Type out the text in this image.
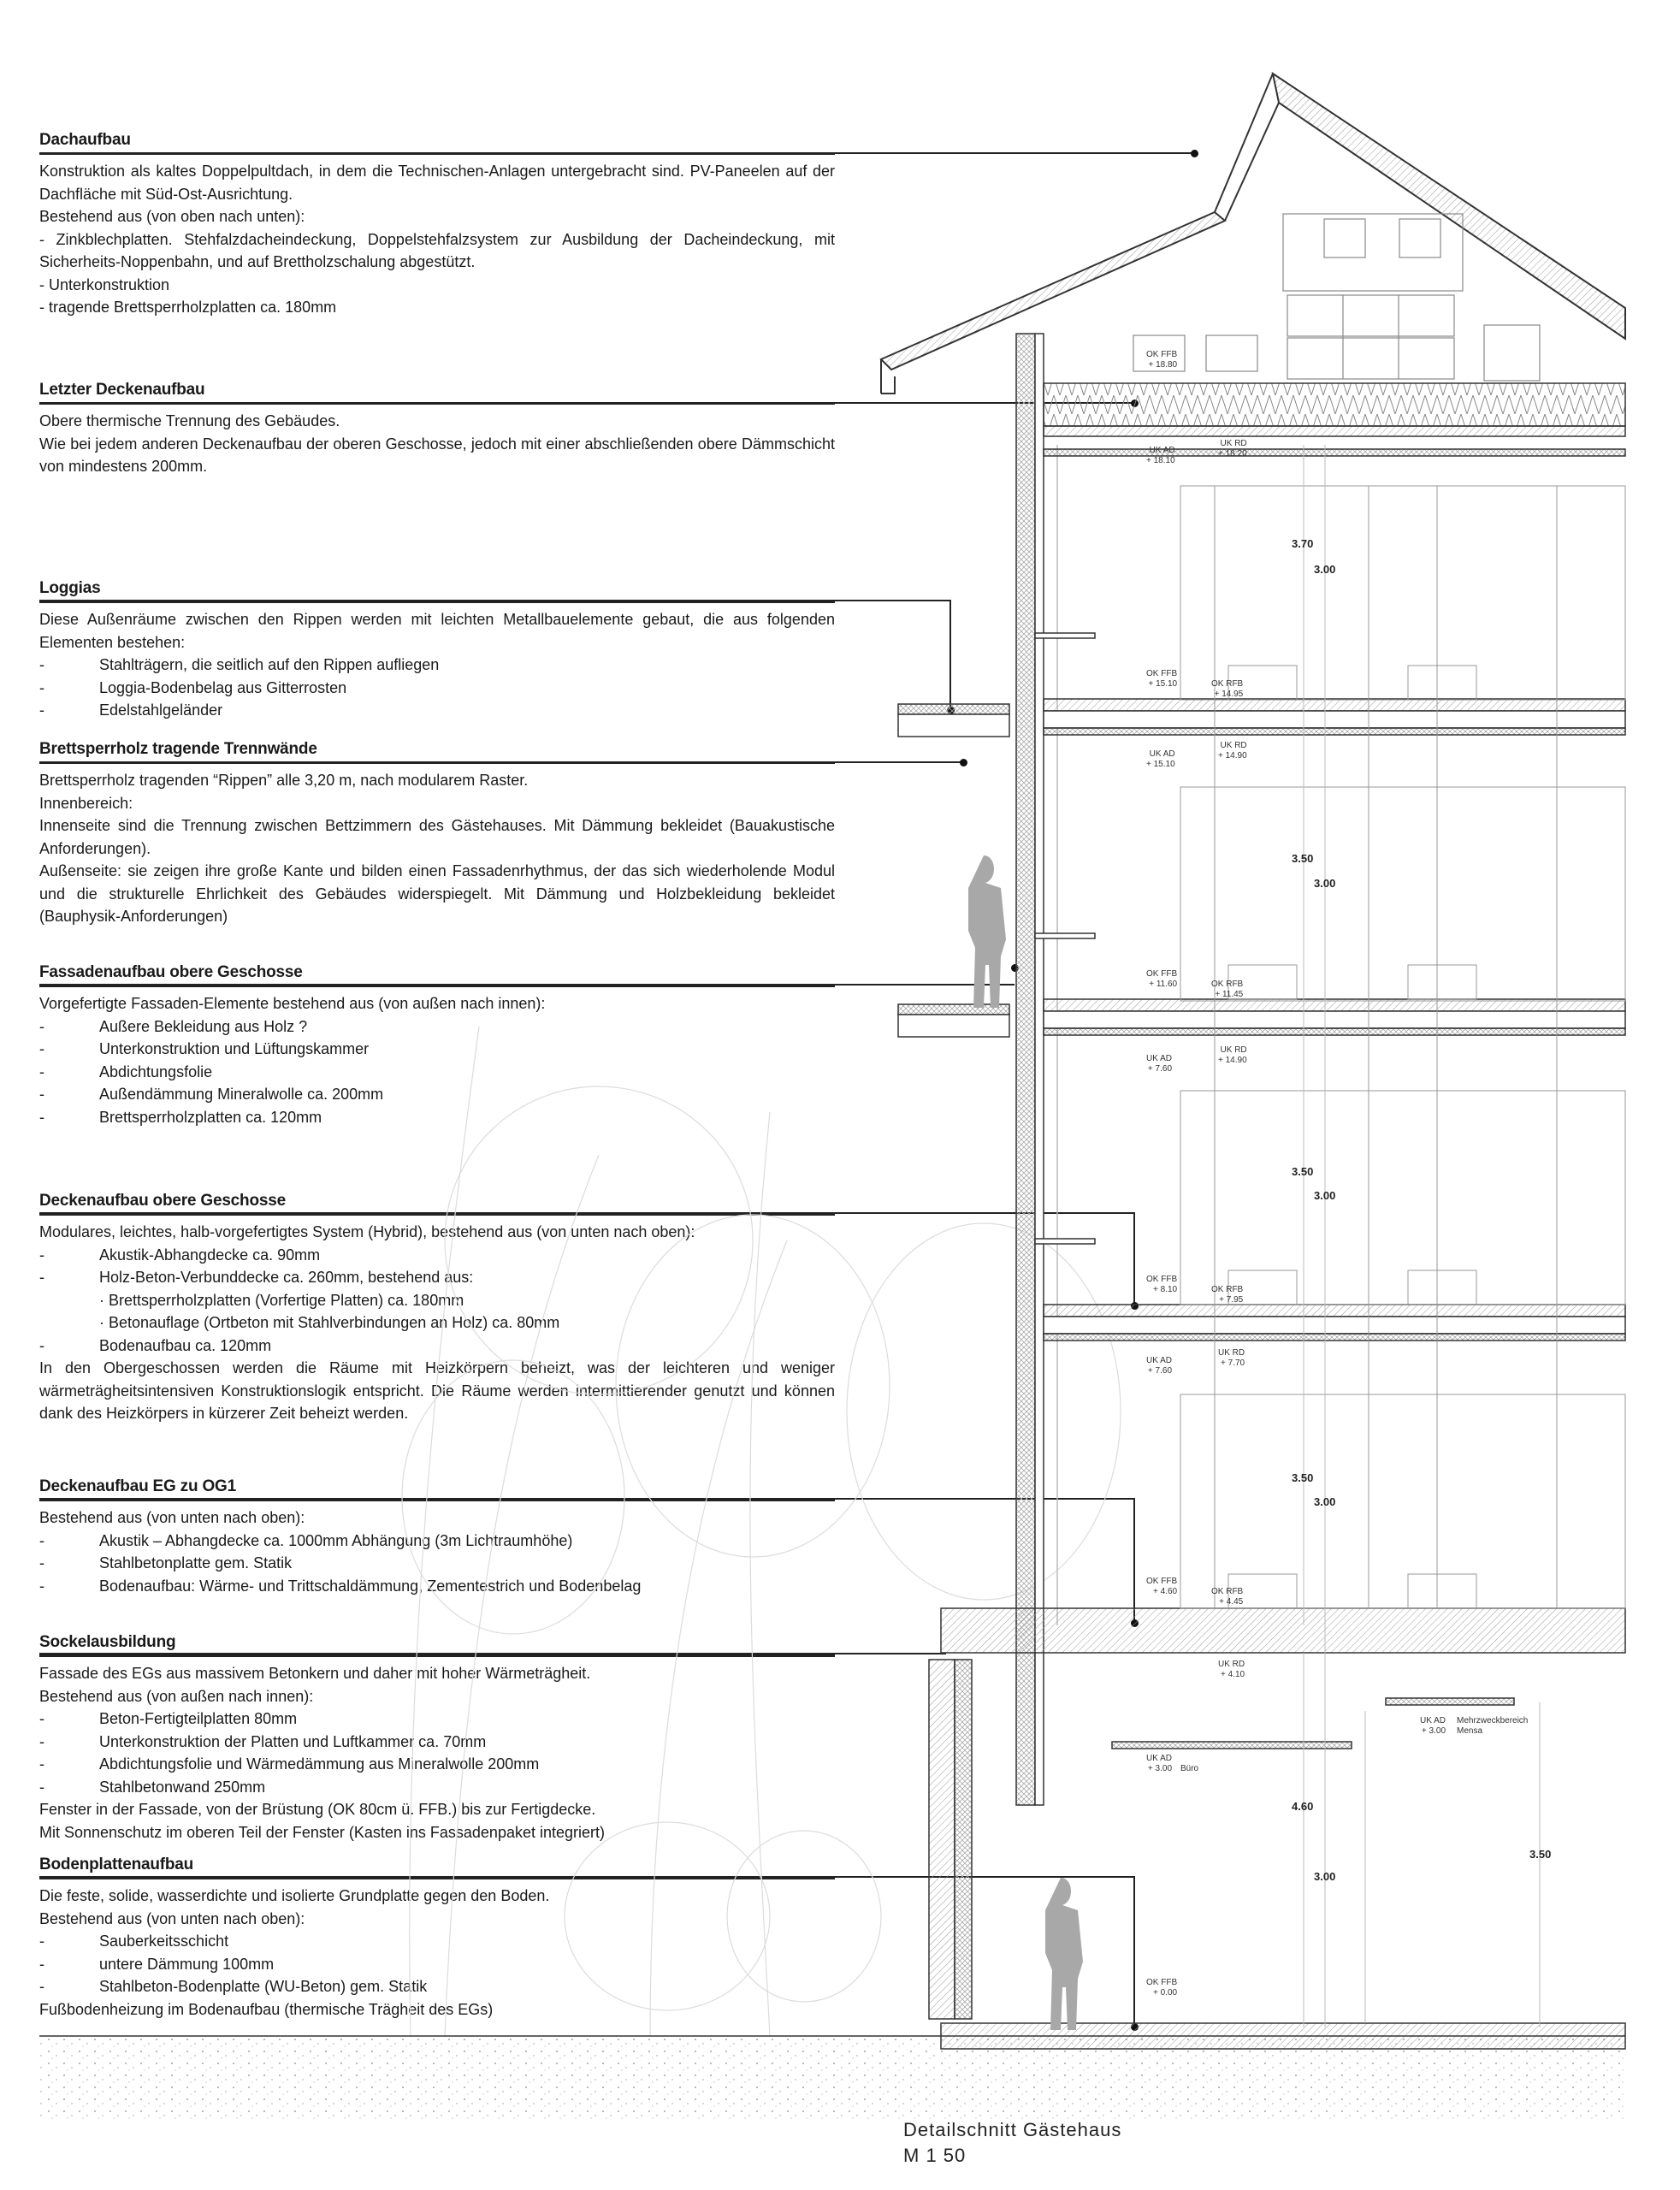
Dachaufbau

Konstruktion als kaltes Doppelpultdach, in dem die Technischen-Anlagen untergebracht sind. PV-Paneelen auf der Dachfläche mit Süd-Ost-Ausrichtung.

Bestehend aus (von oben nach unten):

- Zinkblechplatten. Stehfalzdacheindeckung, Doppelstehfalzsystem zur Ausbildung der Dacheindeckung, mit Sicherheits-Noppenbahn, und auf Brettholzschalung abgestützt.

- Unterkonstruktion

- tragende Brettsperrholzplatten ca. 180mm

Letzter Deckenaufbau

Obere thermische Trennung des Gebäudes.

Wie bei jedem anderen Deckenaufbau der oberen Geschosse, jedoch mit einer abschließenden obere Dämmschicht von mindestens 200mm.

Loggias

Diese Außenräume zwischen den Rippen werden mit leichten Metallbauelemente gebaut, die aus folgenden Elementen bestehen:

-	Stahlträgern, die seitlich auf den Rippen aufliegen
-	Loggia-Bodenbelag aus Gitterrosten
-	Edelstahlgeländer
Brettsperrholz tragende Trennwände

Brettsperrholz tragenden “Rippen” alle 3,20 m, nach modularem Raster.

Innenbereich:

Innenseite sind die Trennung zwischen Bettzimmern des Gästehauses. Mit Dämmung bekleidet (Bauakustische Anforderungen).

Außenseite: sie zeigen ihre große Kante und bilden einen Fassadenrhythmus, der das sich wiederholende Modul und die strukturelle Ehrlichkeit des Gebäudes widerspiegelt. Mit Dämmung und Holzbekleidung bekleidet (Bauphysik-Anforderungen)

Fassadenaufbau obere Geschosse

Vorgefertigte Fassaden-Elemente bestehend aus (von außen nach innen):

-	Außere Bekleidung aus Holz ?
-	Unterkonstruktion und Lüftungskammer
-	Abdichtungsfolie
-	Außendämmung Mineralwolle ca. 200mm
-	Brettsperrholzplatten ca. 120mm
Deckenaufbau obere Geschosse

Modulares, leichtes, halb-vorgefertigtes System (Hybrid), bestehend aus (von unten nach oben):

-	Akustik-Abhangdecke ca. 90mm
-	Holz-Beton-Verbunddecke ca. 260mm, bestehend aus:
· Brettsperrholzplatten (Vorfertige Platten) ca. 180mm
· Betonauflage (Ortbeton mit Stahlverbindungen an Holz) ca. 80mm
-	Bodenaufbau ca. 120mm

In den Obergeschossen werden die Räume mit Heizkörpern beheizt, was der leichteren und weniger wärmeträgheitsintensiven Konstruktionslogik entspricht. Die Räume werden intermittierender genutzt und können dank des Heizkörpers in kürzerer Zeit beheizt werden.

Deckenaufbau EG zu OG1

Bestehend aus (von unten nach oben):

-	Akustik – Abhangdecke ca. 1000mm Abhängung (3m Lichtraumhöhe)
-	Stahlbetonplatte gem. Statik
-	Bodenaufbau: Wärme- und Trittschaldämmung, Zementestrich und Bodenbelag
Sockelausbildung

Fassade des EGs aus massivem Betonkern und daher mit hoher Wärmeträgheit.

Bestehend aus (von außen nach innen):

-	Beton-Fertigteilplatten 80mm
-	Unterkonstruktion der Platten und Luftkammer ca. 70mm
-	Abdichtungsfolie und Wärmedämmung aus Mineralwolle 200mm
-	Stahlbetonwand 250mm

Fenster in der Fassade, von der Brüstung (OK 80cm ü. FFB.) bis zur Fertigdecke.

Mit Sonnenschutz im oberen Teil der Fenster (Kasten ins Fassadenpaket integriert)

Bodenplattenaufbau

Die feste, solide, wasserdichte und isolierte Grundplatte gegen den Boden.

Bestehend aus (von unten nach oben):

-	Sauberkeitsschicht
-	untere Dämmung 100mm
-	Stahlbeton-Bodenplatte (WU-Beton) gem. Statik

Fußbodenheizung im Bodenaufbau (thermische Trägheit des EGs)

OK FFB
+ 18.80
UK AD
+ 18.10
UK RD
+ 18.20
OK FFB
+ 15.10	OK RFB
+ 14.95
UK AD
+ 15.10
UK RD
+ 14.90
OK FFB
+ 11.60	OK RFB
+ 11.45
UK AD
+ 7.60
UK RD
+ 14.90
OK FFB
+ 8.10	OK RFB
+ 7.95
UK AD
+ 7.60
UK RD
+ 7.70
OK FFB
+ 4.60	OK RFB
+ 4.45
UK RD
+ 4.10
UK AD
+ 3.00 Büro
UK AD
+ 3.00
Mehrzweckbereich
Mensa
OK FFB
+ 0.00
3.70
3.00
3.50
3.00
3.50
3.00
3.50
3.00
4.60
3.00
3.50
Detailschnitt Gästehaus
M 1 50
